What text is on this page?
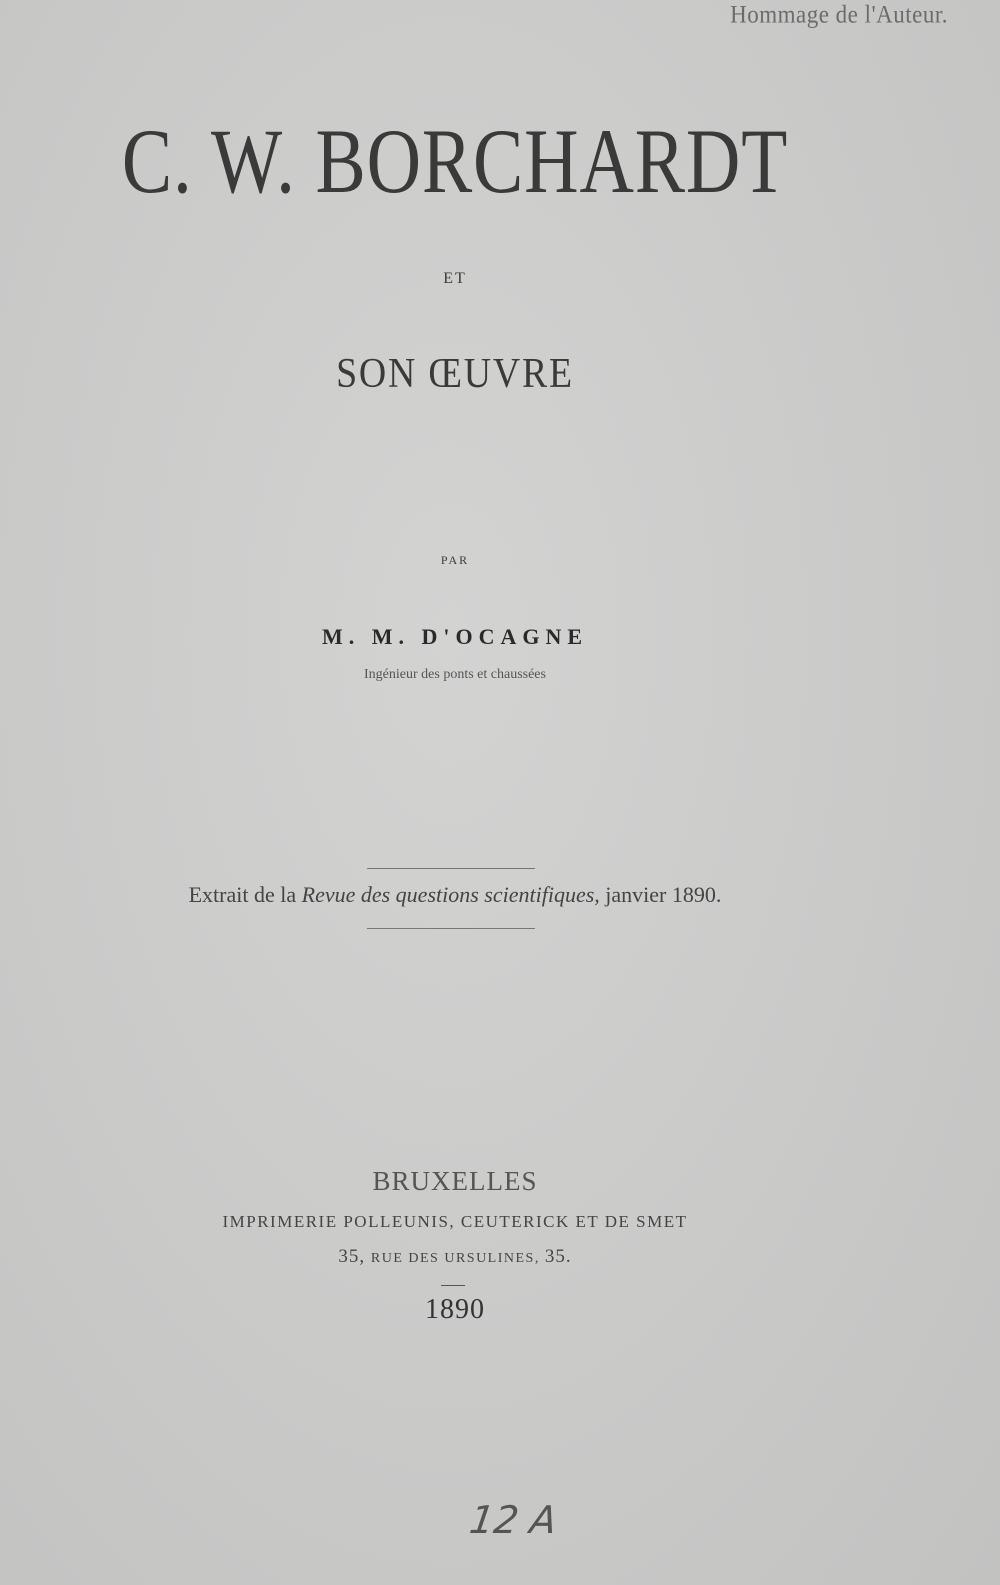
Hommage de l'Auteur.
C. W. BORCHARDT
ET
SON ŒUVRE
PAR
M. M. D'OCAGNE
Ingénieur des ponts et chaussées
Extrait de la Revue des questions scientifiques, janvier 1890.
BRUXELLES
IMPRIMERIE POLLEUNIS, CEUTERICK ET DE SMET
35, RUE DES URSULINES, 35.
1890
12 A
